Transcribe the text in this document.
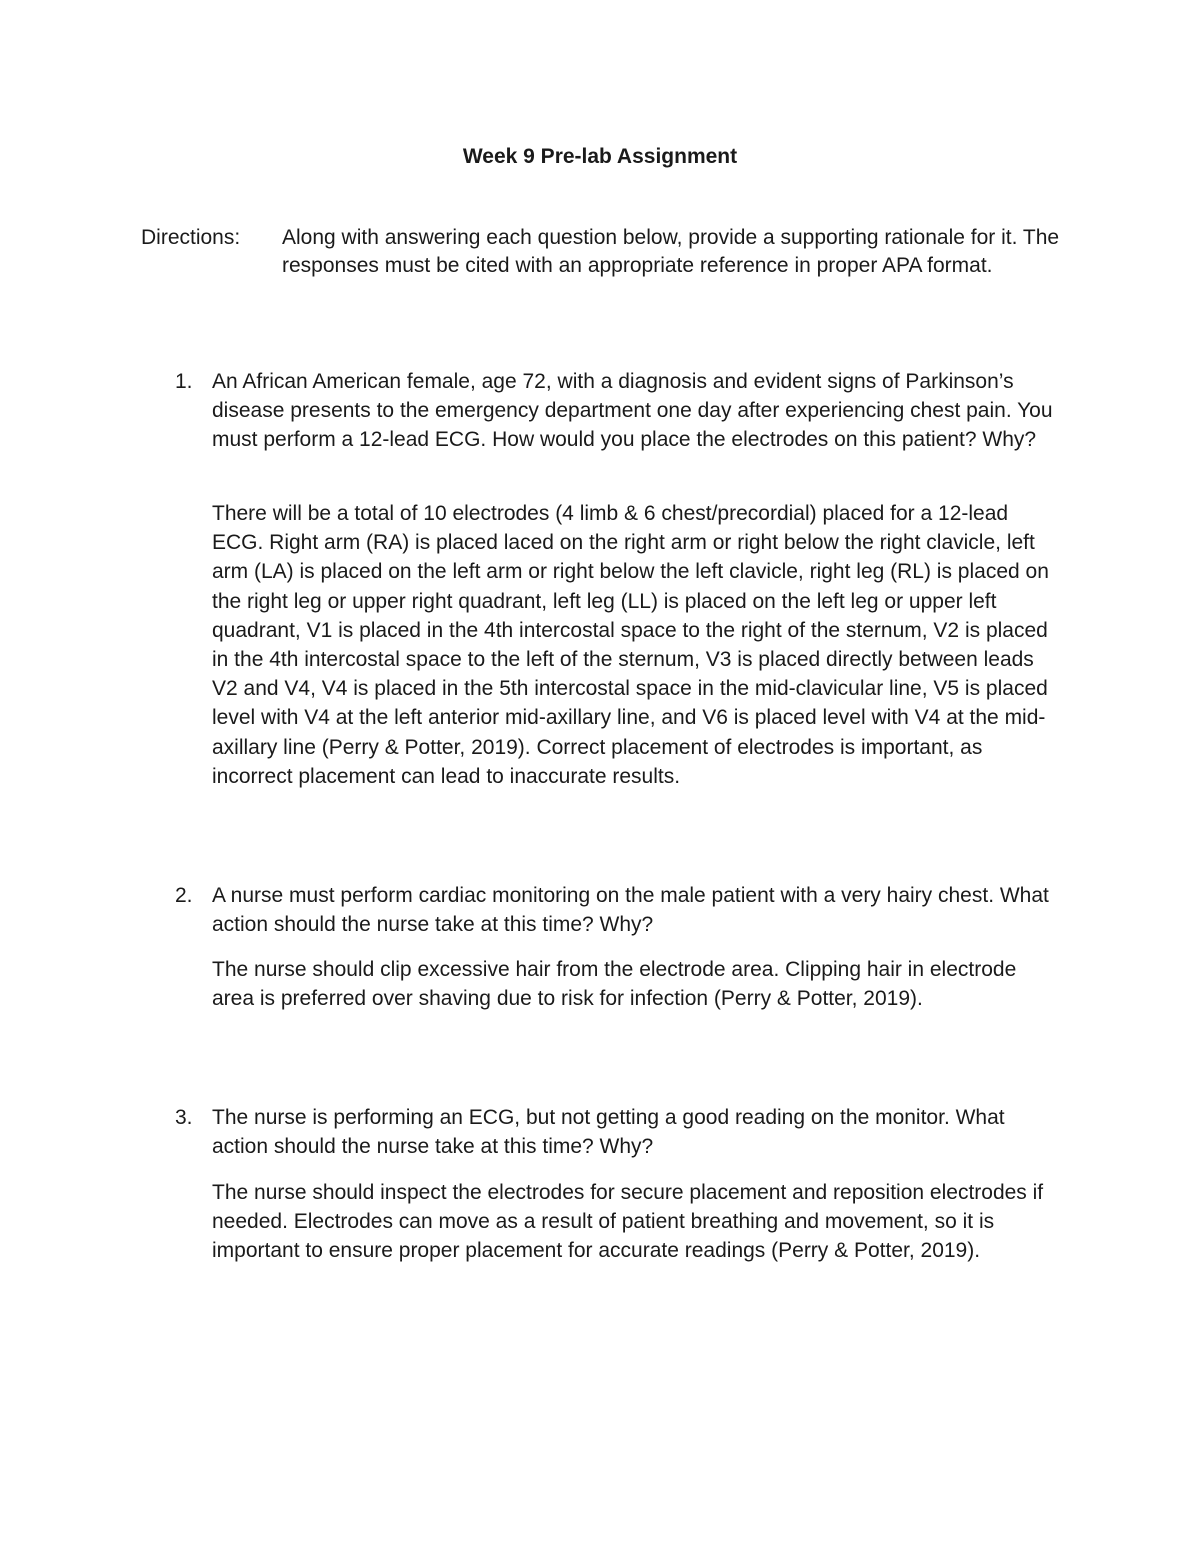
Week 9 Pre-lab Assignment
Directions: Along with answering each question below, provide a supporting rationale for it. The responses must be cited with an appropriate reference in proper APA format.
1. An African American female, age 72, with a diagnosis and evident signs of Parkinson’s disease presents to the emergency department one day after experiencing chest pain. You must perform a 12-lead ECG. How would you place the electrodes on this patient? Why?
There will be a total of 10 electrodes (4 limb & 6 chest/precordial) placed for a 12-lead ECG. Right arm (RA) is placed laced on the right arm or right below the right clavicle, left arm (LA) is placed on the left arm or right below the left clavicle, right leg (RL) is placed on the right leg or upper right quadrant, left leg (LL) is placed on the left leg or upper left quadrant, V1 is placed in the 4th intercostal space to the right of the sternum, V2 is placed in the 4th intercostal space to the left of the sternum, V3 is placed directly between leads V2 and V4, V4 is placed in the 5th intercostal space in the mid-clavicular line, V5 is placed level with V4 at the left anterior mid-axillary line, and V6 is placed level with V4 at the mid-axillary line (Perry & Potter, 2019). Correct placement of electrodes is important, as incorrect placement can lead to inaccurate results.
2. A nurse must perform cardiac monitoring on the male patient with a very hairy chest. What action should the nurse take at this time? Why?
The nurse should clip excessive hair from the electrode area. Clipping hair in electrode area is preferred over shaving due to risk for infection (Perry & Potter, 2019).
3. The nurse is performing an ECG, but not getting a good reading on the monitor. What action should the nurse take at this time? Why?
The nurse should inspect the electrodes for secure placement and reposition electrodes if needed. Electrodes can move as a result of patient breathing and movement, so it is important to ensure proper placement for accurate readings (Perry & Potter, 2019).
